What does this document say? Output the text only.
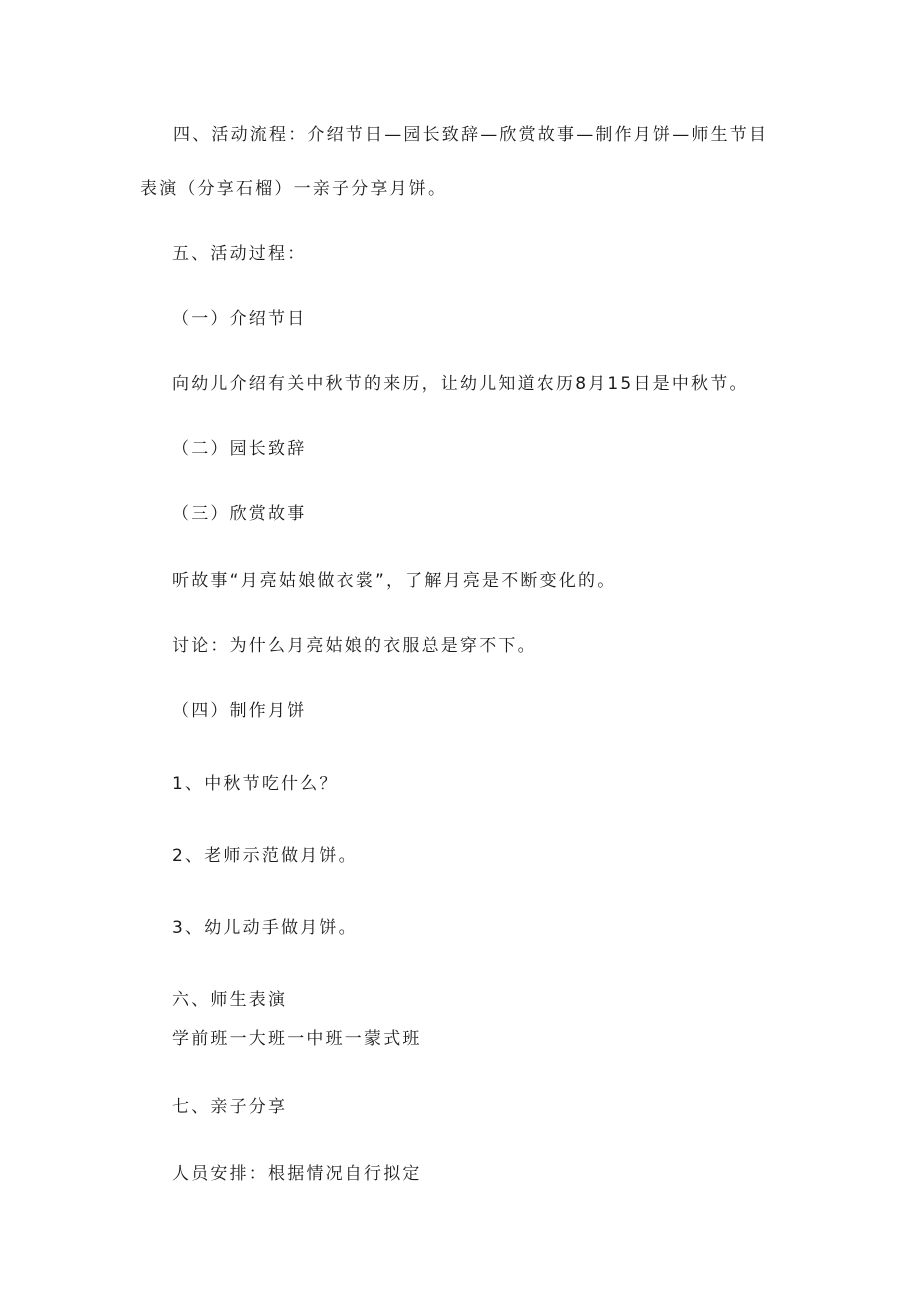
四、活动流程：介绍节日—园长致辞—欣赏故事—制作月饼—师生节目表演（分享石榴）一亲子分享月饼。
五、活动过程：
（一）介绍节日
向幼儿介绍有关中秋节的来历，让幼儿知道农历8月15日是中秋节。
（二）园长致辞
（三）欣赏故事
听故事“月亮姑娘做衣裳”，了解月亮是不断变化的。
讨论：为什么月亮姑娘的衣服总是穿不下。
（四）制作月饼
1、中秋节吃什么？
2、老师示范做月饼。
3、幼儿动手做月饼。
六、师生表演
学前班一大班一中班一蒙式班
七、亲子分享
人员安排：根据情况自行拟定
